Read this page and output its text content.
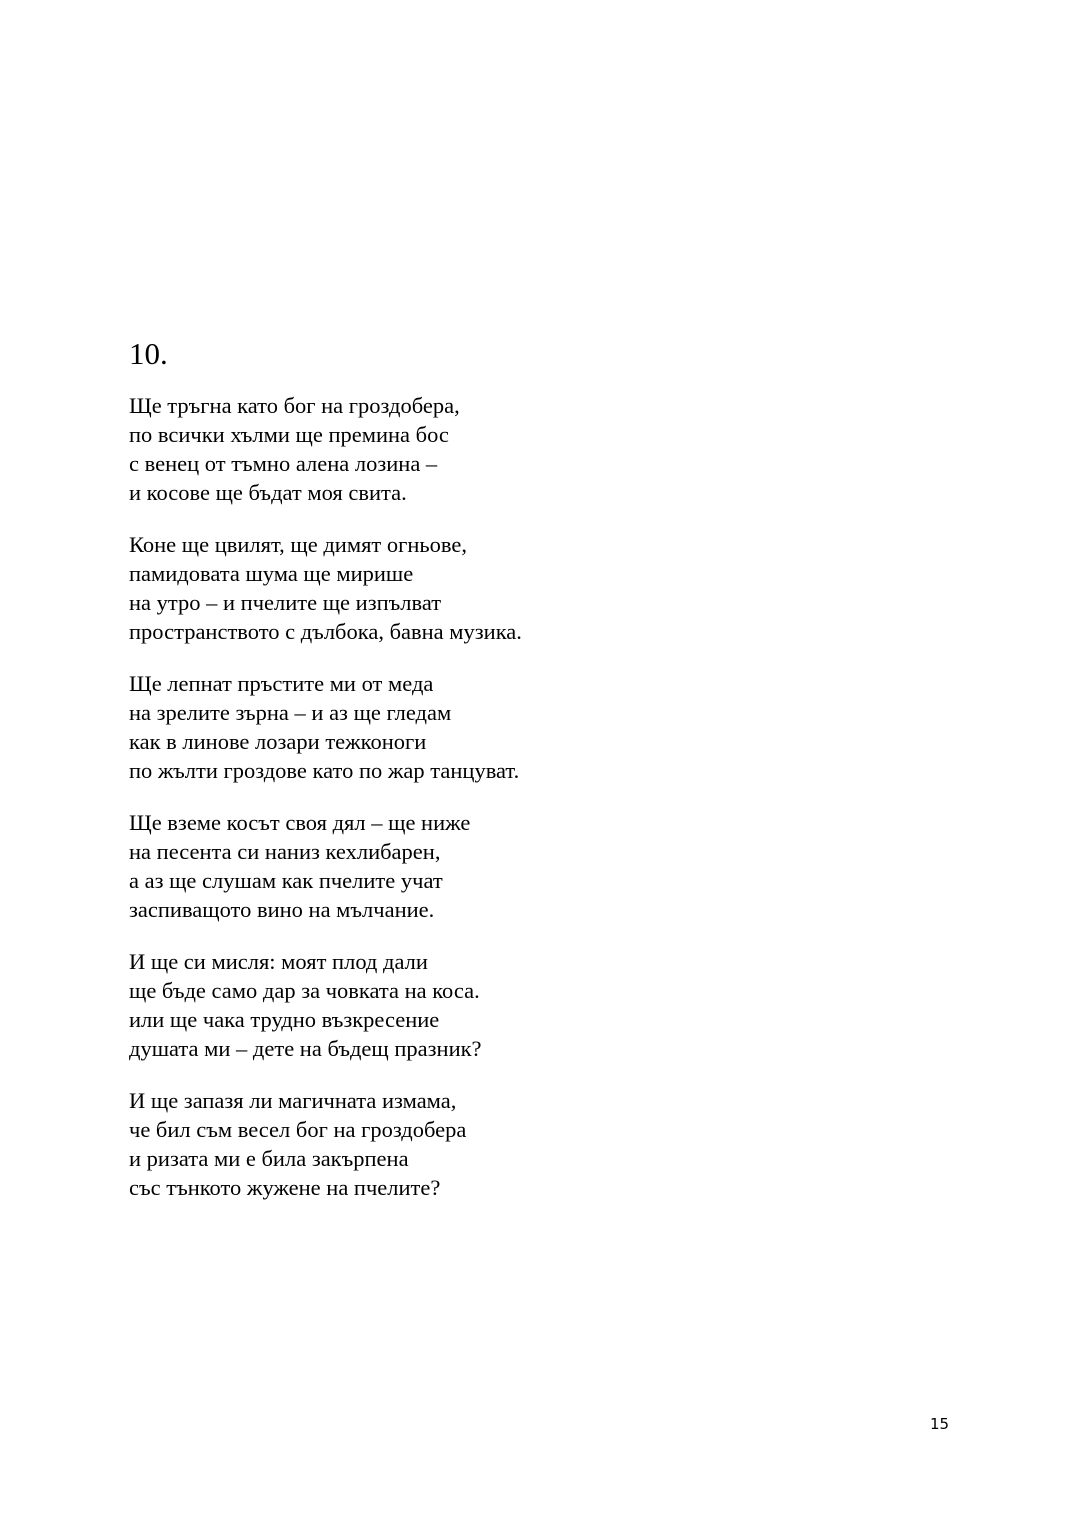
10.

Ще тръгна като бог на гроздобера,
по всички хълми ще премина бос
с венец от тъмно алена лозина –
и косове ще бъдат моя свита.

Коне ще цвилят, ще димят огньове,
памидовата шума ще мирише
на утро – и пчелите ще изпълват
пространството с дълбока, бавна музика.

Ще лепнат пръстите ми от меда
на зрелите зърна – и аз ще гледам
как в линове лозари тежконоги
по жълти гроздове като по жар танцуват.

Ще вземе косът своя дял – ще ниже
на песента си наниз кехлибарен,
а аз ще слушам как пчелите учат
заспиващото вино на мълчание.

И ще си мисля: моят плод дали
ще бъде само дар за човката на коса.
или ще чака трудно възкресение
душата ми – дете на бъдещ празник?

И ще запазя ли магичната измама,
че бил съм весел бог на гроздобера
и ризата ми е била закърпена
със тънкото жужене на пчелите?

15
